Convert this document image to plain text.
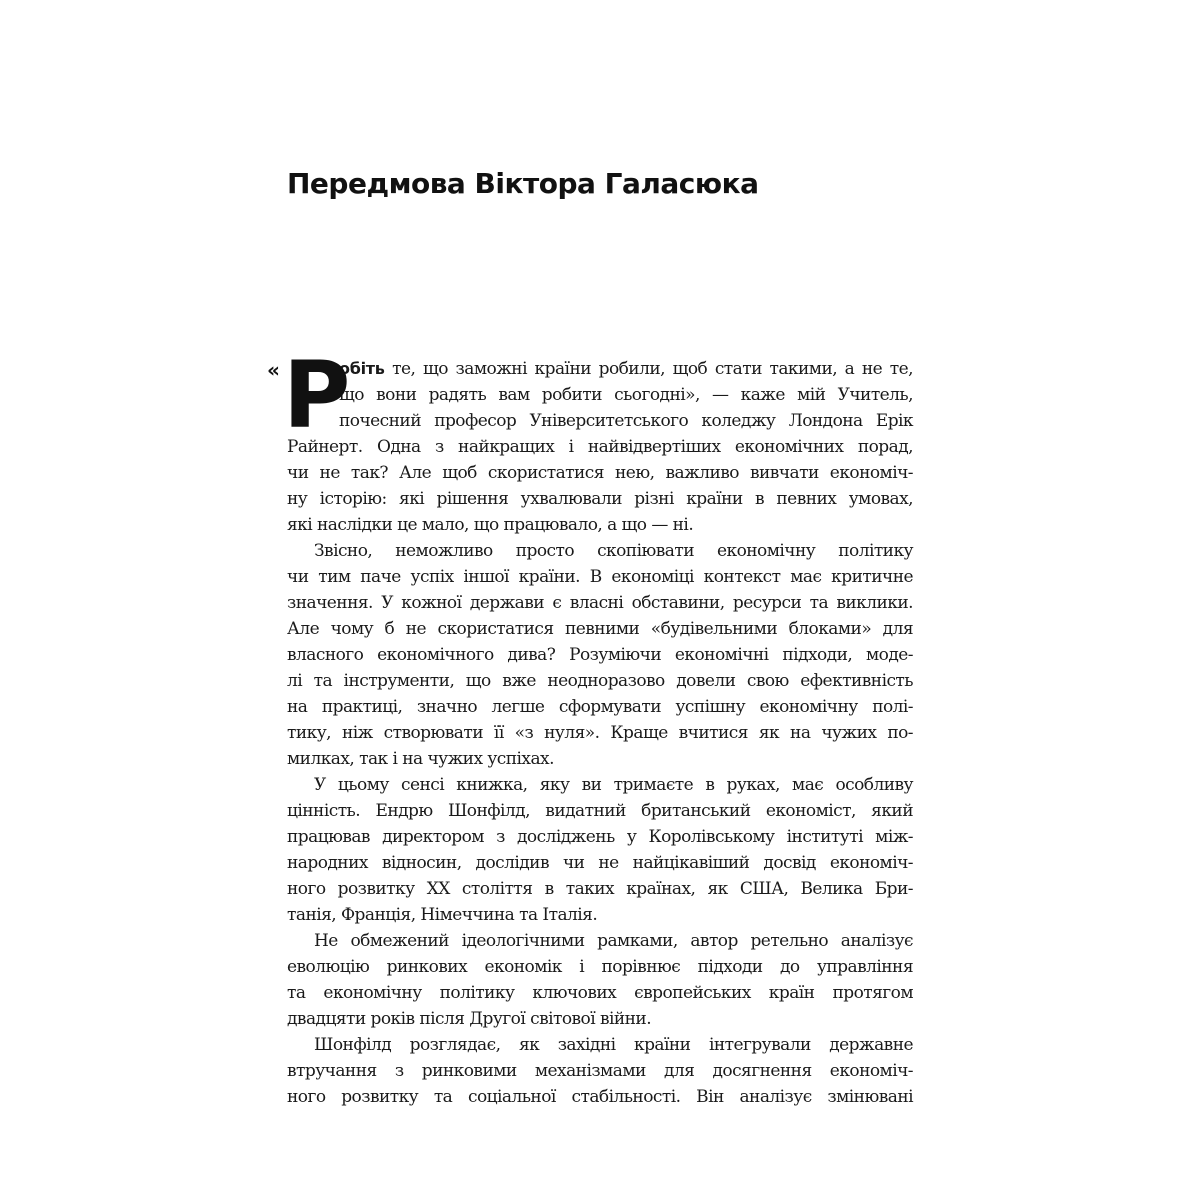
Передмова Віктора Галасюка
« Р
обіть те, що заможні країни робили, щоб стати такими, а не те,
що вони радять вам робити сьогодні», — каже мій Учитель,
почесний професор Університетського коледжу Лондона Ерік
Райнерт. Одна з найкращих і найвідвертіших економічних порад,
чи не так? Але щоб скористатися нею, важливо вивчати економіч-
ну історію: які рішення ухвалювали різні країни в певних умовах,
які наслідки це мало, що працювало, а що — ні.
Звісно, неможливо просто скопіювати економічну політику
чи тим паче успіх іншої країни. В економіці контекст має критичне
значення. У кожної держави є власні обставини, ресурси та виклики.
Але чому б не скористатися певними «будівельними блоками» для
власного економічного дива? Розуміючи економічні підходи, моде-
лі та інструменти, що вже неодноразово довели свою ефективність
на практиці, значно легше сформувати успішну економічну полі-
тику, ніж створювати її «з нуля». Краще вчитися як на чужих по-
милках, так і на чужих успіхах.
У цьому сенсі книжка, яку ви тримаєте в руках, має особливу
цінність. Ендрю Шонфілд, видатний британський економіст, який
працював директором з досліджень у Королівському інституті між-
народних відносин, дослідив чи не найцікавіший досвід економіч-
ного розвитку ХХ століття в таких країнах, як США, Велика Бри-
танія, Франція, Німеччина та Італія.
Не обмежений ідеологічними рамками, автор ретельно аналізує
еволюцію ринкових економік і порівнює підходи до управління
та економічну політику ключових європейських країн протягом
двадцяти років після Другої світової війни.
Шонфілд розглядає, як західні країни інтегрували державне
втручання з ринковими механізмами для досягнення економіч-
ного розвитку та соціальної стабільності. Він аналізує змінювані
